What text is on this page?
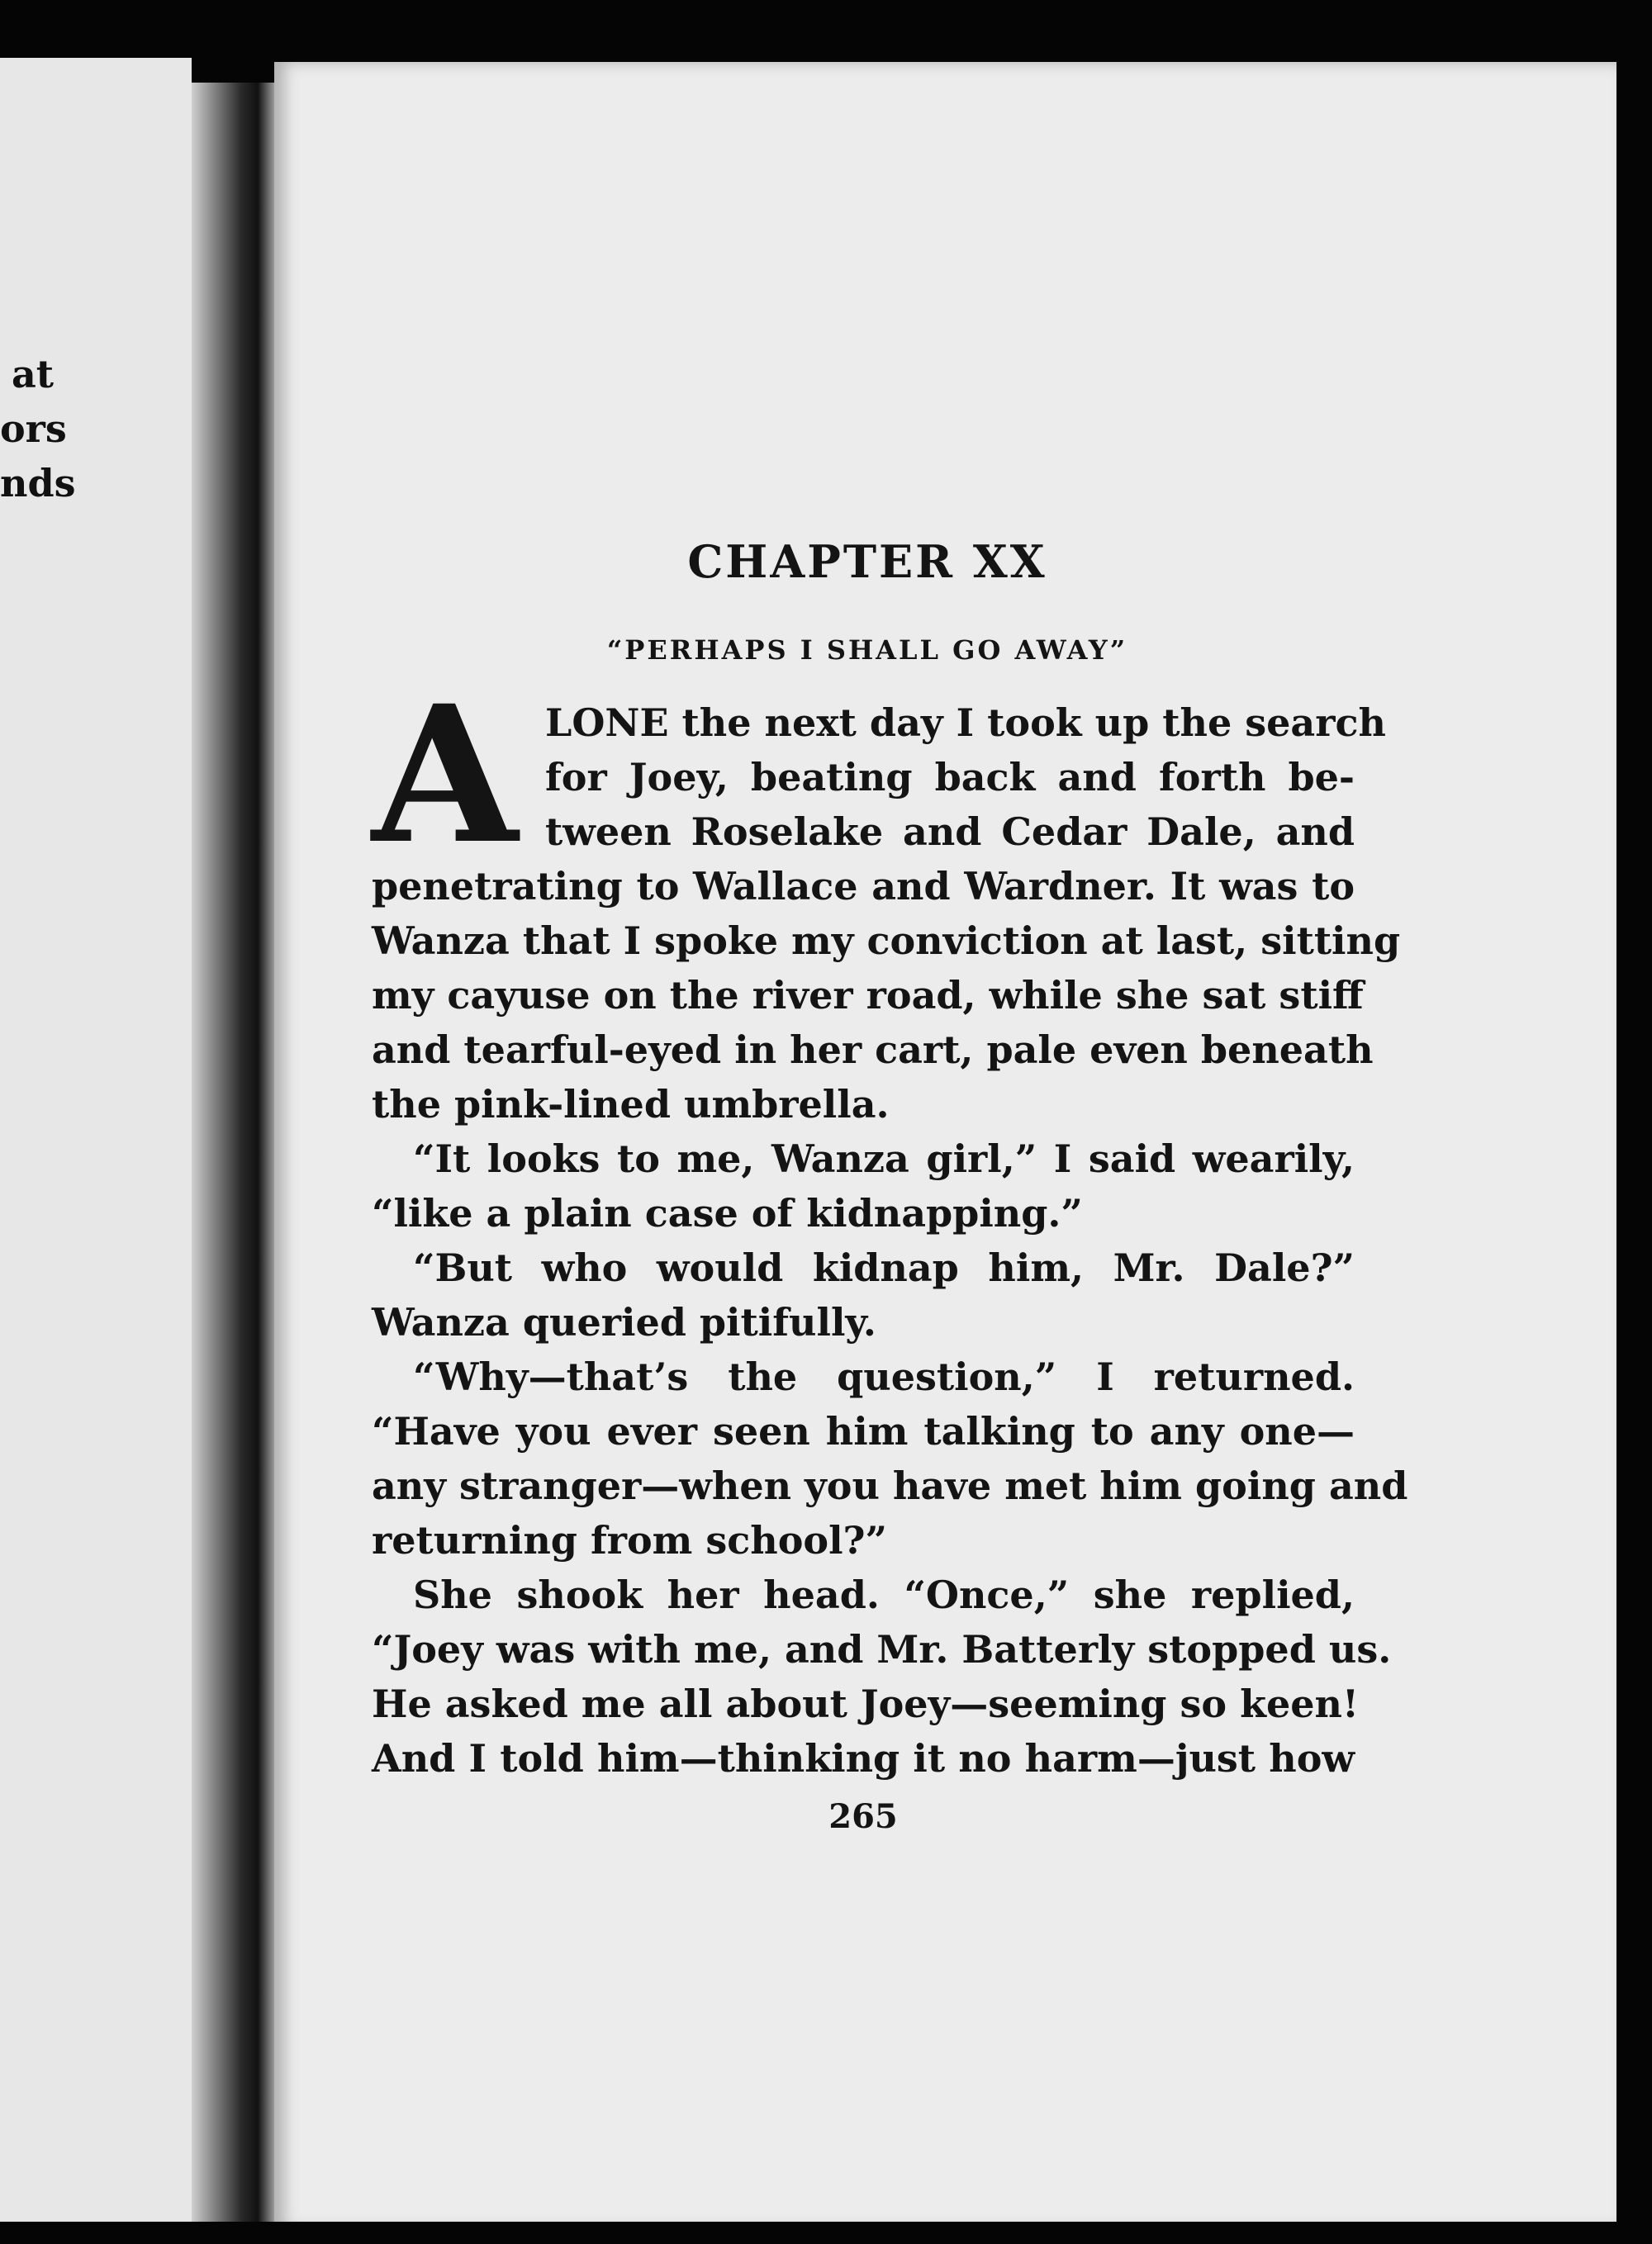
at
ors
nds
CHAPTER XX
“PERHAPS I SHALL GO AWAY”
A LONE the next day I took up the search
for Joey, beating back and forth be-
tween Roselake and Cedar Dale, and
penetrating to Wallace and Wardner. It was to
Wanza that I spoke my conviction at last, sitting
my cayuse on the river road, while she sat stiff
and tearful-eyed in her cart, pale even beneath
the pink-lined umbrella.
“It looks to me, Wanza girl,” I said wearily,
“like a plain case of kidnapping.”
“But who would kidnap him, Mr. Dale?”
Wanza queried pitifully.
“Why—that’s the question,” I returned.
“Have you ever seen him talking to any one—
any stranger—when you have met him going and
returning from school?”
She shook her head. “Once,” she replied,
“Joey was with me, and Mr. Batterly stopped us.
He asked me all about Joey—seeming so keen!
And I told him—thinking it no harm—just how
265
